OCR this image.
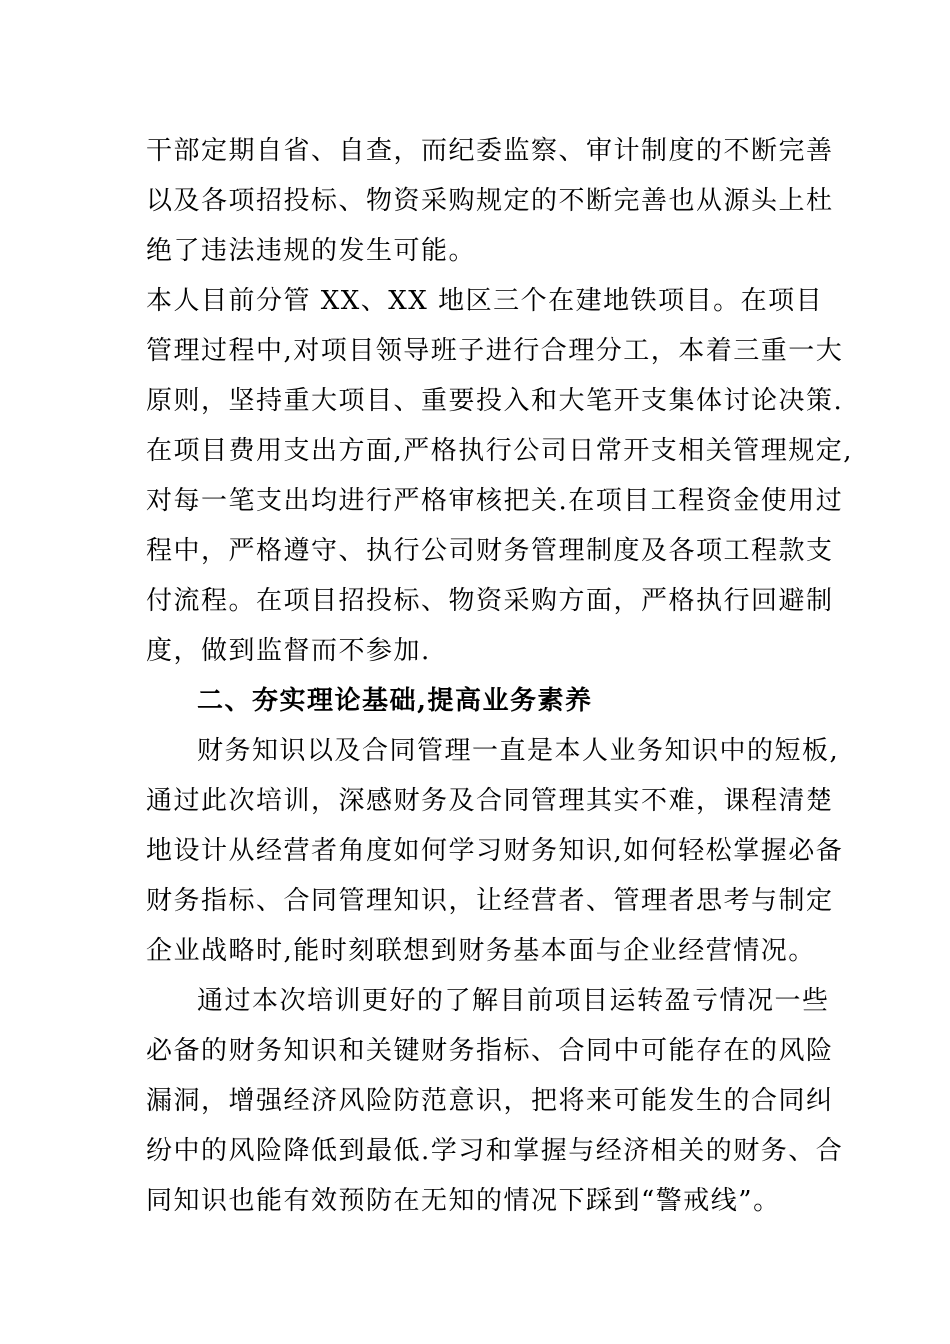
干部定期自省、自查，而纪委监察、审计制度的不断完善
以及各项招投标、物资采购规定的不断完善也从源头上杜
绝了违法违规的发生可能。
本人目前分管 XX、XX 地区三个在建地铁项目。在项目
管理过程中,对项目领导班子进行合理分工，本着三重一大
原则，坚持重大项目、重要投入和大笔开支集体讨论决策.
在项目费用支出方面,严格执行公司日常开支相关管理规定,
对每一笔支出均进行严格审核把关.在项目工程资金使用过
程中，严格遵守、执行公司财务管理制度及各项工程款支
付流程。在项目招投标、物资采购方面，严格执行回避制
度，做到监督而不参加.
二、夯实理论基础,提高业务素养
财务知识以及合同管理一直是本人业务知识中的短板,
通过此次培训，深感财务及合同管理其实不难，课程清楚
地设计从经营者角度如何学习财务知识,如何轻松掌握必备
财务指标、合同管理知识，让经营者、管理者思考与制定
企业战略时,能时刻联想到财务基本面与企业经营情况。
通过本次培训更好的了解目前项目运转盈亏情况一些
必备的财务知识和关键财务指标、合同中可能存在的风险
漏洞，增强经济风险防范意识，把将来可能发生的合同纠
纷中的风险降低到最低.学习和掌握与经济相关的财务、合
同知识也能有效预防在无知的情况下踩到“警戒线”。
